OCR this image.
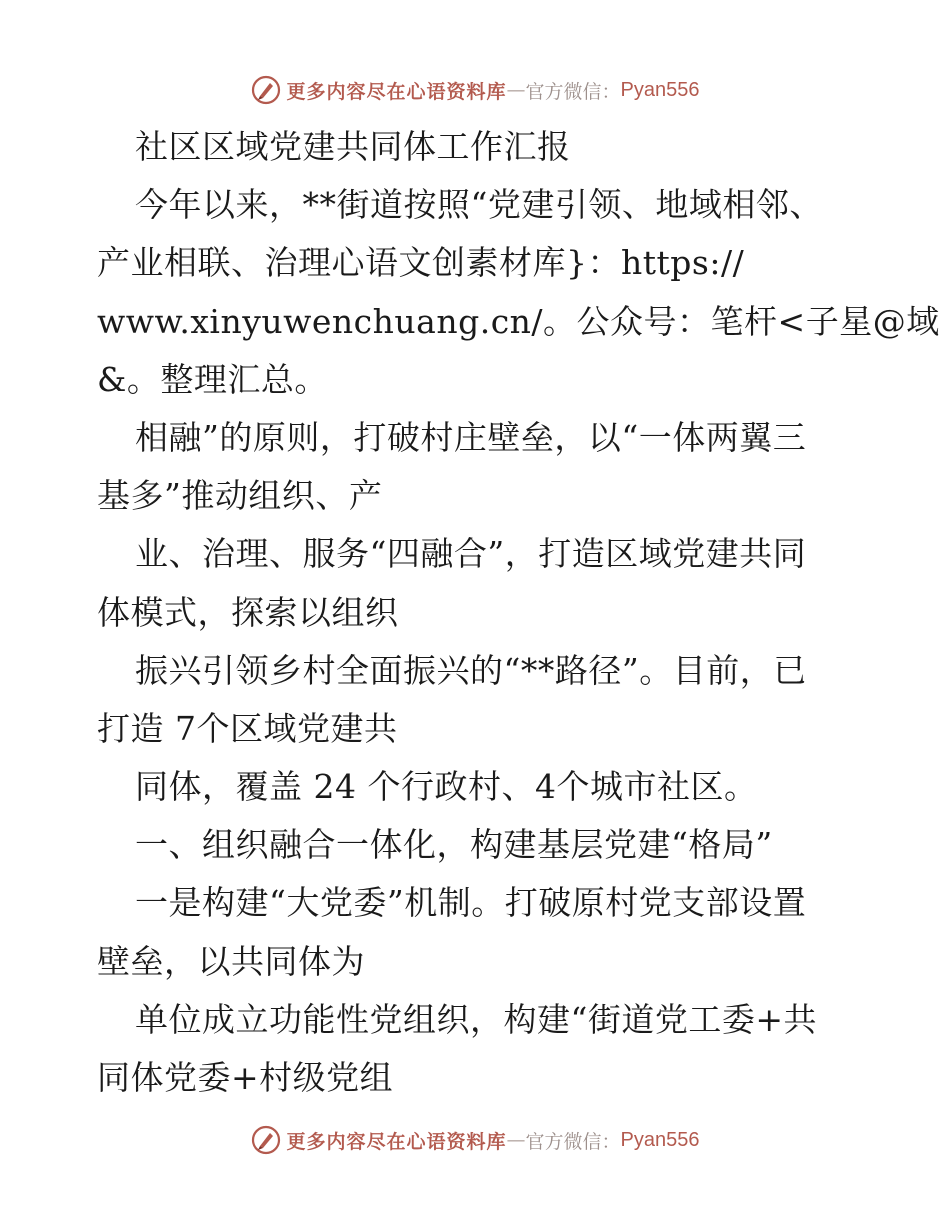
更多内容尽在心语资料库 — 官方微信： Pyan556
社区区域党建共同体工作汇报
今年以来，**街道按照“党建引领、地域相邻、
产业相联、治理心语文创素材库}：https://
www.xinyuwenchuang.cn/。公众号：笔杆<子星@域
&。整理汇总。
相融”的原则，打破村庄壁垒，以“一体两翼三
基多”推动组织、产
业、治理、服务“四融合”，打造区域党建共同
体模式，探索以组织
振兴引领乡村全面振兴的“**路径”。目前，已
打造 7个区域党建共
同体，覆盖 24 个行政村、4个城市社区。
一、组织融合一体化，构建基层党建“格局”
一是构建“大党委”机制。打破原村党支部设置
壁垒，以共同体为
单位成立功能性党组织，构建“街道党工委+共
同体党委+村级党组
更多内容尽在心语资料库 — 官方微信： Pyan556
